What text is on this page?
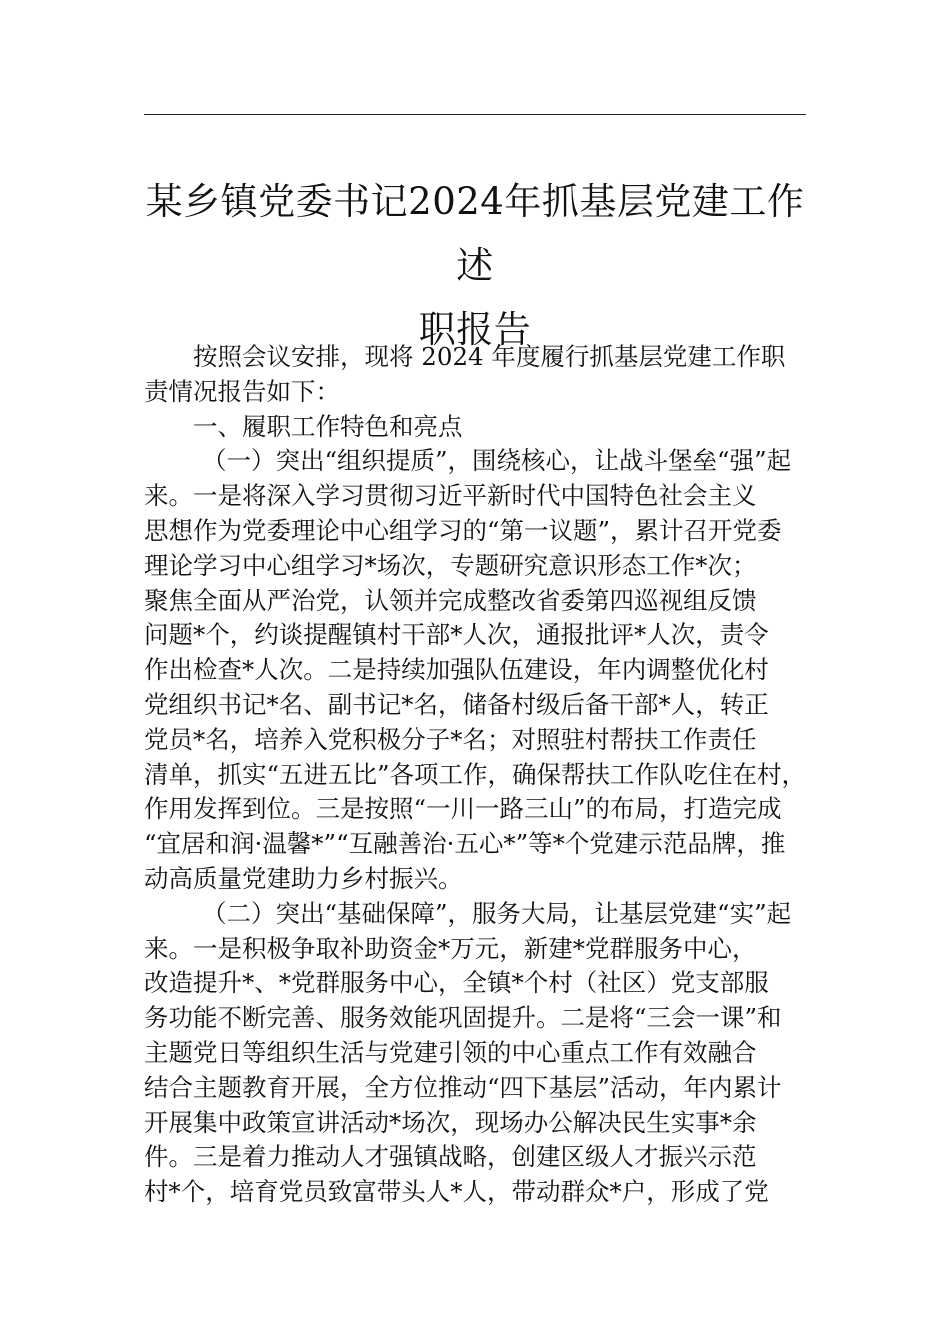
某乡镇党委书记2024年抓基层党建工作述
职报告

按照会议安排，现将 2024 年度履行抓基层党建工作职
责情况报告如下：

一、履职工作特色和亮点

（一）突出“组织提质”，围绕核心，让战斗堡垒“强”起
来。一是将深入学习贯彻习近平新时代中国特色社会主义
思想作为党委理论中心组学习的“第一议题”，累计召开党委
理论学习中心组学习*场次，专题研究意识形态工作*次；
聚焦全面从严治党，认领并完成整改省委第四巡视组反馈
问题*个，约谈提醒镇村干部*人次，通报批评*人次，责令
作出检查*人次。二是持续加强队伍建设，年内调整优化村
党组织书记*名、副书记*名，储备村级后备干部*人，转正
党员*名，培养入党积极分子*名；对照驻村帮扶工作责任
清单，抓实“五进五比”各项工作，确保帮扶工作队吃住在村，
作用发挥到位。三是按照“一川一路三山”的布局，打造完成
“宜居和润·温馨*”“互融善治·五心*”等*个党建示范品牌，推
动高质量党建助力乡村振兴。

（二）突出“基础保障”，服务大局，让基层党建“实”起
来。一是积极争取补助资金*万元，新建*党群服务中心，
改造提升*、*党群服务中心，全镇*个村（社区）党支部服
务功能不断完善、服务效能巩固提升。二是将“三会一课”和
主题党日等组织生活与党建引领的中心重点工作有效融合
结合主题教育开展，全方位推动“四下基层”活动，年内累计
开展集中政策宣讲活动*场次，现场办公解决民生实事*余
件。三是着力推动人才强镇战略，创建区级人才振兴示范
村*个，培育党员致富带头人*人，带动群众*户，形成了党
